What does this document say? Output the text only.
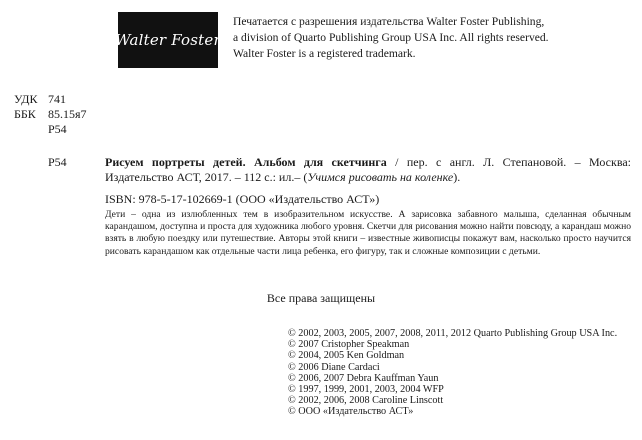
Walter Foster
Печатается с разрешения издательства Walter Foster Publishing,
a division of Quarto Publishing Group USA Inc. All rights reserved.
Walter Foster is a registered trademark.
УДК 741
ББК	85.15я7
Р54
Р54	Рисуем портреты детей. Альбом для скетчинга / пер. с англ. Л. Степановой. – Москва: Издательство АСТ, 2017. – 112 с.: ил.– (Учимся рисовать на коленке).
ISBN: 978-5-17-102669-1 (ООО «Издательство АСТ»)
Дети – одна из излюбленных тем в изобразительном искусстве. А зарисовка забавного малыша, сделанная обычным карандашом, доступна и проста для художника любого уровня. Скетчи для рисования можно найти повсюду, а карандаш можно взять в любую поездку или путешествие. Авторы этой книги – известные живописцы покажут вам, насколько просто научится рисовать карандашом как отдельные части лица ребенка, его фигуру, так и сложные композиции с детьми.
Все права защищены
© 2002, 2003, 2005, 2007, 2008, 2011, 2012 Quarto Publishing Group USA Inc.
© 2007 Cristopher Speakman
© 2004, 2005 Ken Goldman
© 2006 Diane Cardaci
© 2006, 2007 Debra Kauffman Yaun
© 1997, 1999, 2001, 2003, 2004 WFP
© 2002, 2006, 2008 Caroline Linscott
© ООО «Издательство АСТ»
